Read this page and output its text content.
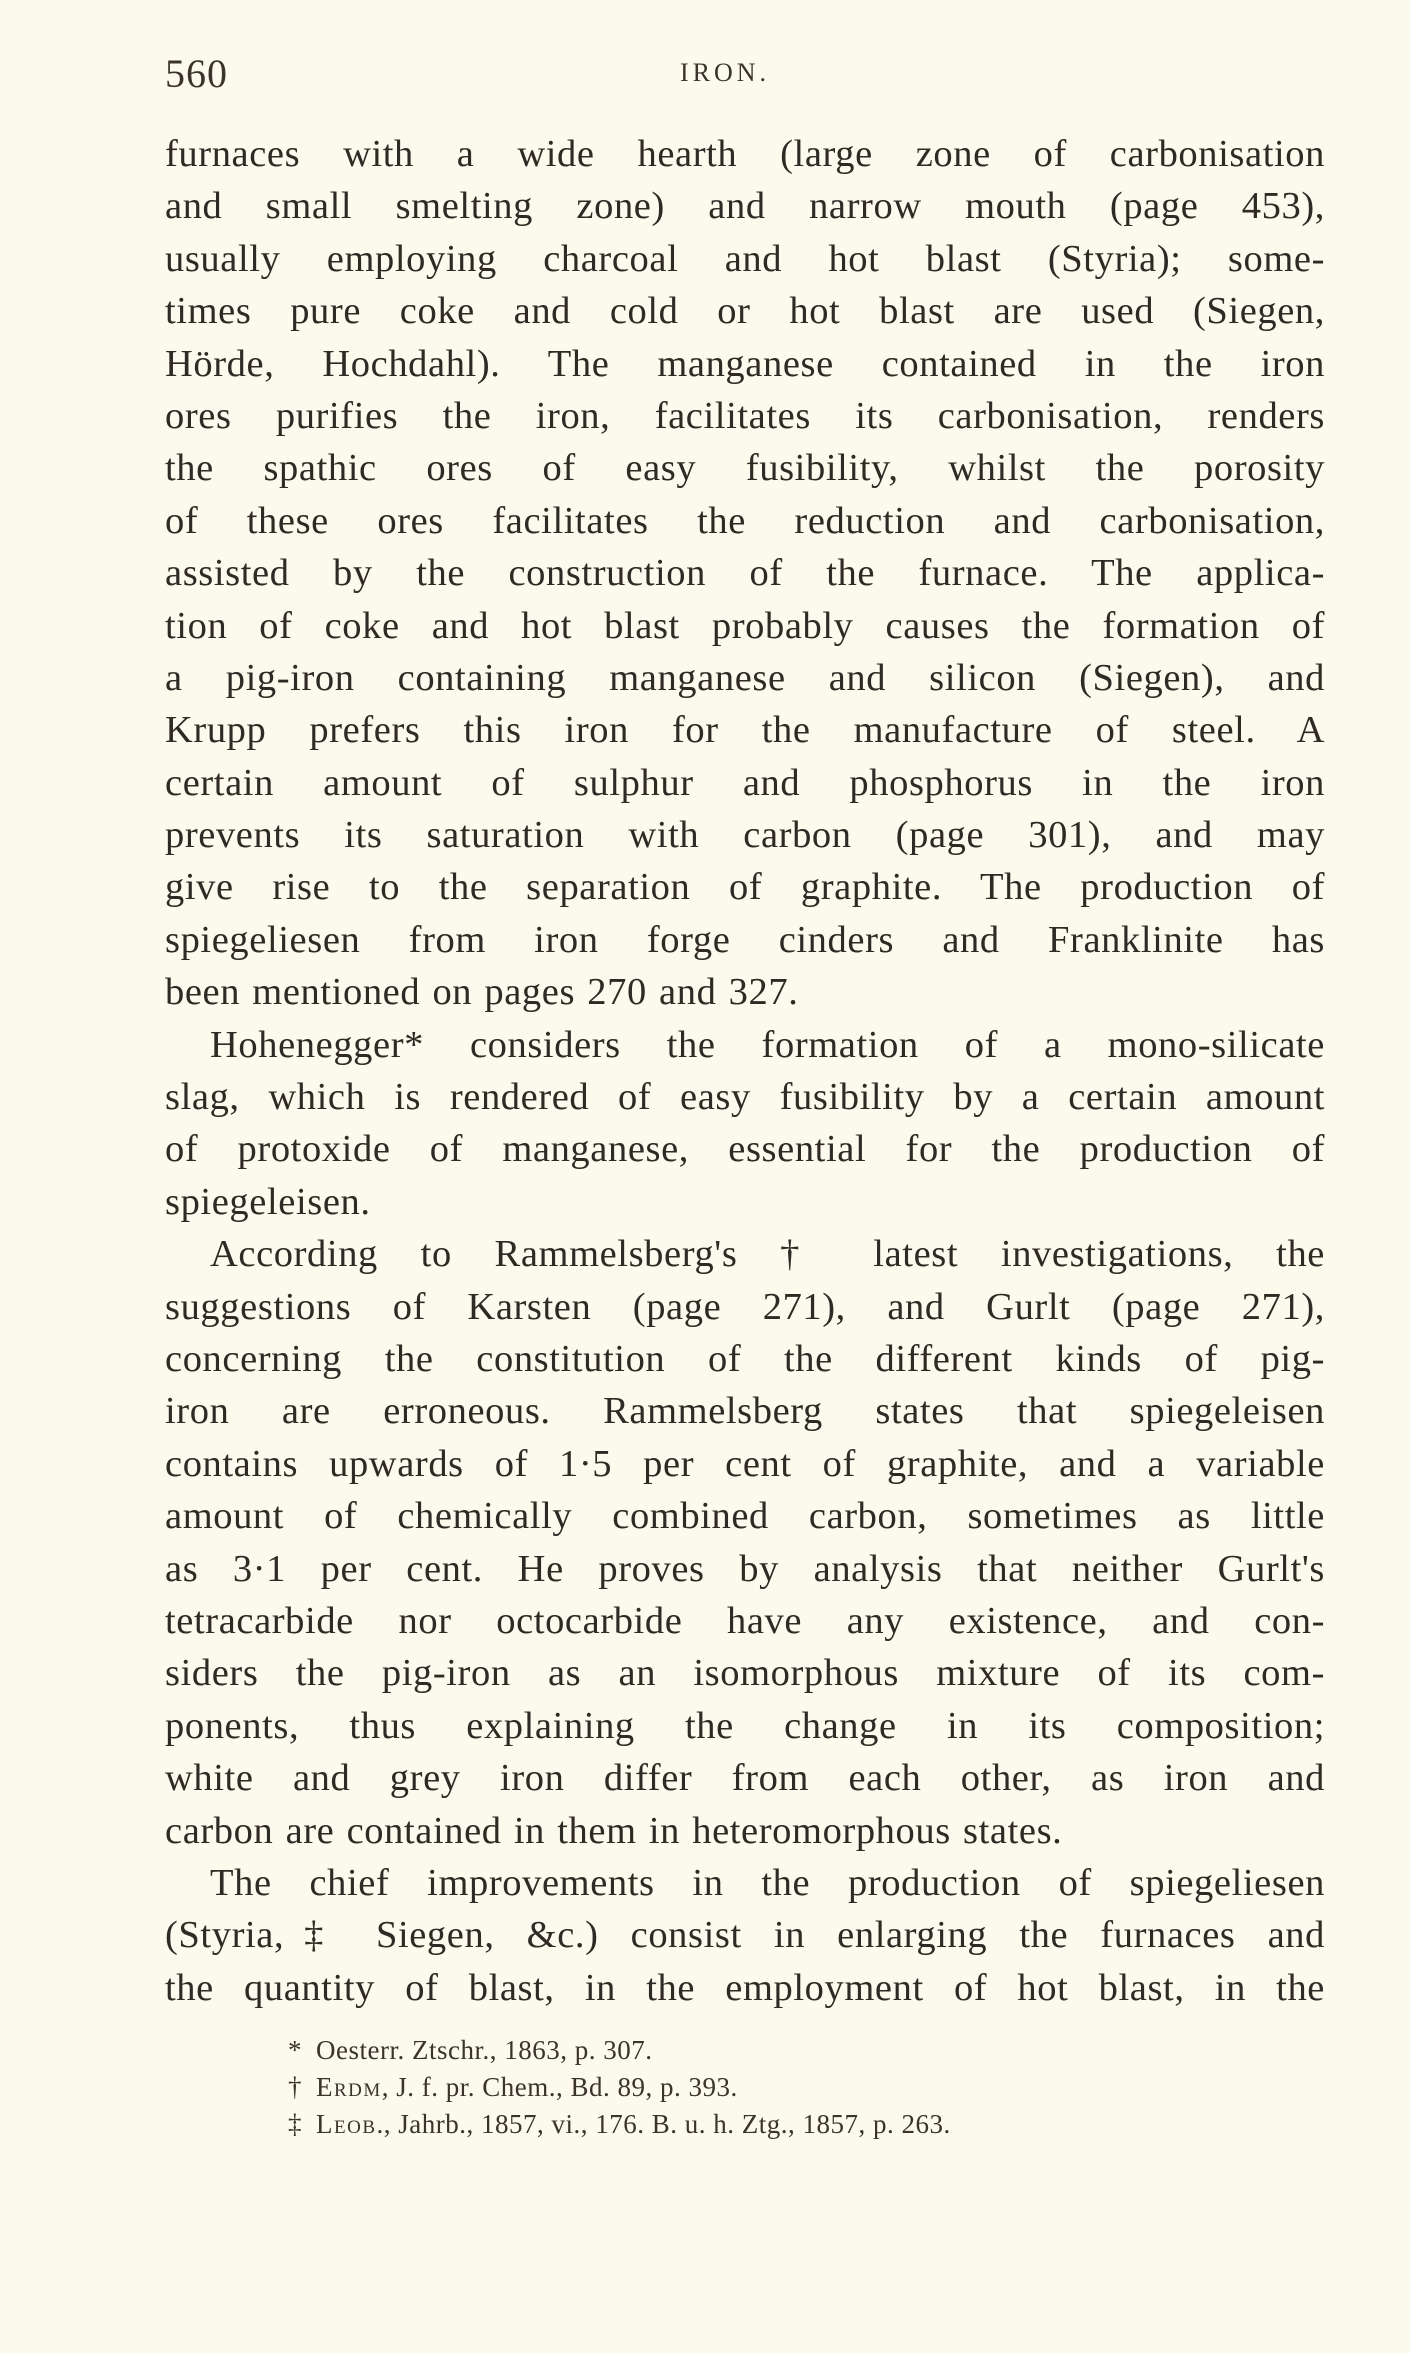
560	IRON.
furnaces with a wide hearth (large zone of carbonisation
and small smelting zone) and narrow mouth (page 453),
usually employing charcoal and hot blast (Styria); some-
times pure coke and cold or hot blast are used (Siegen,
Hörde, Hochdahl). The manganese contained in the iron
ores purifies the iron, facilitates its carbonisation, renders
the spathic ores of easy fusibility, whilst the porosity
of these ores facilitates the reduction and carbonisation,
assisted by the construction of the furnace. The applica-
tion of coke and hot blast probably causes the formation of
a pig-iron containing manganese and silicon (Siegen), and
Krupp prefers this iron for the manufacture of steel. A
certain amount of sulphur and phosphorus in the iron
prevents its saturation with carbon (page 301), and may
give rise to the separation of graphite. The production of
spiegeliesen from iron forge cinders and Franklinite has
been mentioned on pages 270 and 327.
Hohenegger* considers the formation of a mono-silicate
slag, which is rendered of easy fusibility by a certain amount
of protoxide of manganese, essential for the production of
spiegeleisen.
According to Rammelsberg's † latest investigations, the
suggestions of Karsten (page 271), and Gurlt (page 271),
concerning the constitution of the different kinds of pig-
iron are erroneous. Rammelsberg states that spiegeleisen
contains upwards of 1·5 per cent of graphite, and a variable
amount of chemically combined carbon, sometimes as little
as 3·1 per cent. He proves by analysis that neither Gurlt's
tetracarbide nor octocarbide have any existence, and con-
siders the pig-iron as an isomorphous mixture of its com-
ponents, thus explaining the change in its composition;
white and grey iron differ from each other, as iron and
carbon are contained in them in heteromorphous states.
The chief improvements in the production of spiegeliesen
(Styria,‡ Siegen, &c.) consist in enlarging the furnaces and
the quantity of blast, in the employment of hot blast, in the
* Oesterr. Ztschr., 1863, p. 307.
† Erdm, J. f. pr. Chem., Bd. 89, p. 393.
‡ Leob., Jahrb., 1857, vi., 176. B. u. h. Ztg., 1857, p. 263.
